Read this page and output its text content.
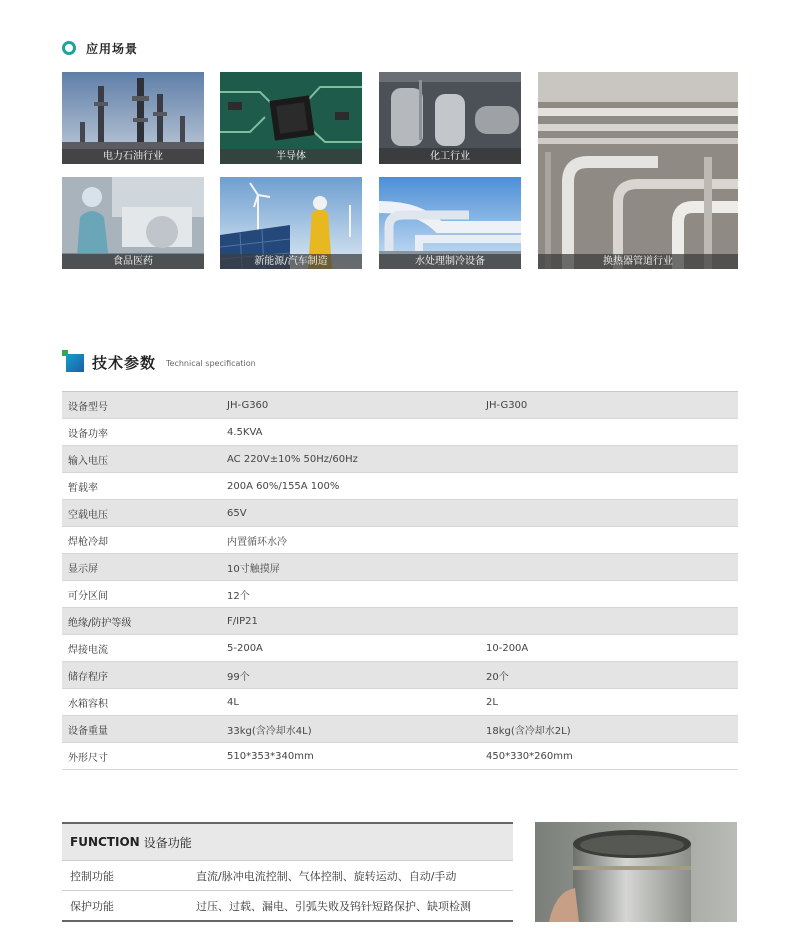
应用场景
电力石油行业	半导体	化工行业
换热器管道行业
食品医药	新能源/汽车制造	水处理制冷设备
技术参数 Technical specification
设备型号	JH-G360	JH-G300
设备功率	4.5KVA	
输入电压	AC 220V±10% 50Hz/60Hz	
暂载率	200A 60%/155A 100%	
空载电压	65V	
焊枪冷却	内置循环水冷	
显示屏	10寸触摸屏	
可分区间	12个	
绝缘/防护等级	F/IP21	
焊接电流	5-200A	10-200A
储存程序	99个	20个
水箱容积	4L	2L
设备重量	33kg(含冷却水4L)	18kg(含冷却水2L)
外形尺寸	510*353*340mm	450*330*260mm
FUNCTION 设备功能
控制功能	直流/脉冲电流控制、气体控制、旋转运动、自动/手动
保护功能	过压、过载、漏电、引弧失败及钨针短路保护、缺项检测
